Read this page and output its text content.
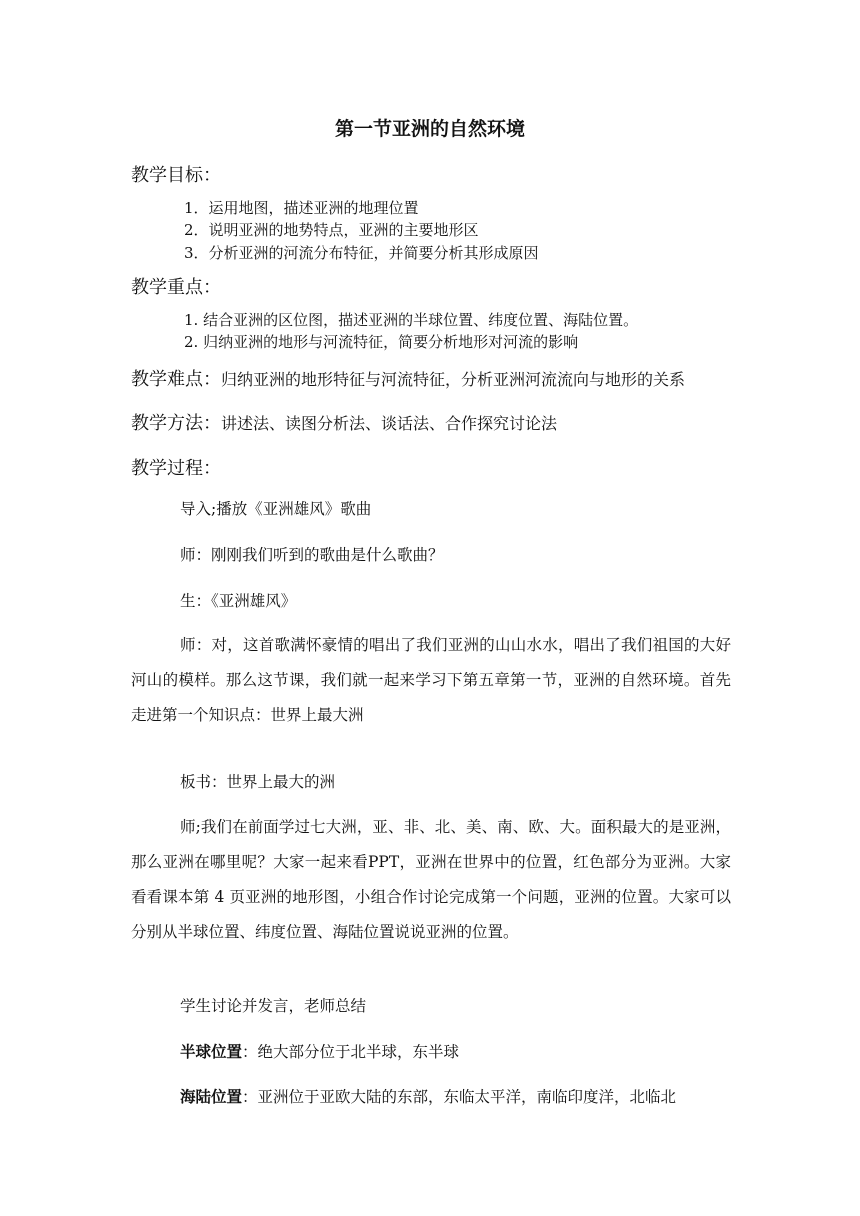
第一节亚洲的自然环境
教学目标：
1．运用地图，描述亚洲的地理位置
2．说明亚洲的地势特点，亚洲的主要地形区
3．分析亚洲的河流分布特征，并简要分析其形成原因
教学重点：
1. 结合亚洲的区位图，描述亚洲的半球位置、纬度位置、海陆位置。
2. 归纳亚洲的地形与河流特征，简要分析地形对河流的影响
教学难点：归纳亚洲的地形特征与河流特征，分析亚洲河流流向与地形的关系
教学方法：讲述法、读图分析法、谈话法、合作探究讨论法
教学过程：
导入;播放《亚洲雄风》歌曲
师：刚刚我们听到的歌曲是什么歌曲？
生：《亚洲雄风》
师：对，这首歌满怀豪情的唱出了我们亚洲的山山水水，唱出了我们祖国的大好河山的模样。那么这节课，我们就一起来学习下第五章第一节，亚洲的自然环境。首先走进第一个知识点：世界上最大洲
板书：世界上最大的洲
师;我们在前面学过七大洲，亚、非、北、美、南、欧、大。面积最大的是亚洲，那么亚洲在哪里呢？大家一起来看PPT，亚洲在世界中的位置，红色部分为亚洲。大家看看课本第 4 页亚洲的地形图，小组合作讨论完成第一个问题，亚洲的位置。大家可以分别从半球位置、纬度位置、海陆位置说说亚洲的位置。
学生讨论并发言，老师总结
半球位置：绝大部分位于北半球，东半球
海陆位置：亚洲位于亚欧大陆的东部，东临太平洋，南临印度洋，北临北
